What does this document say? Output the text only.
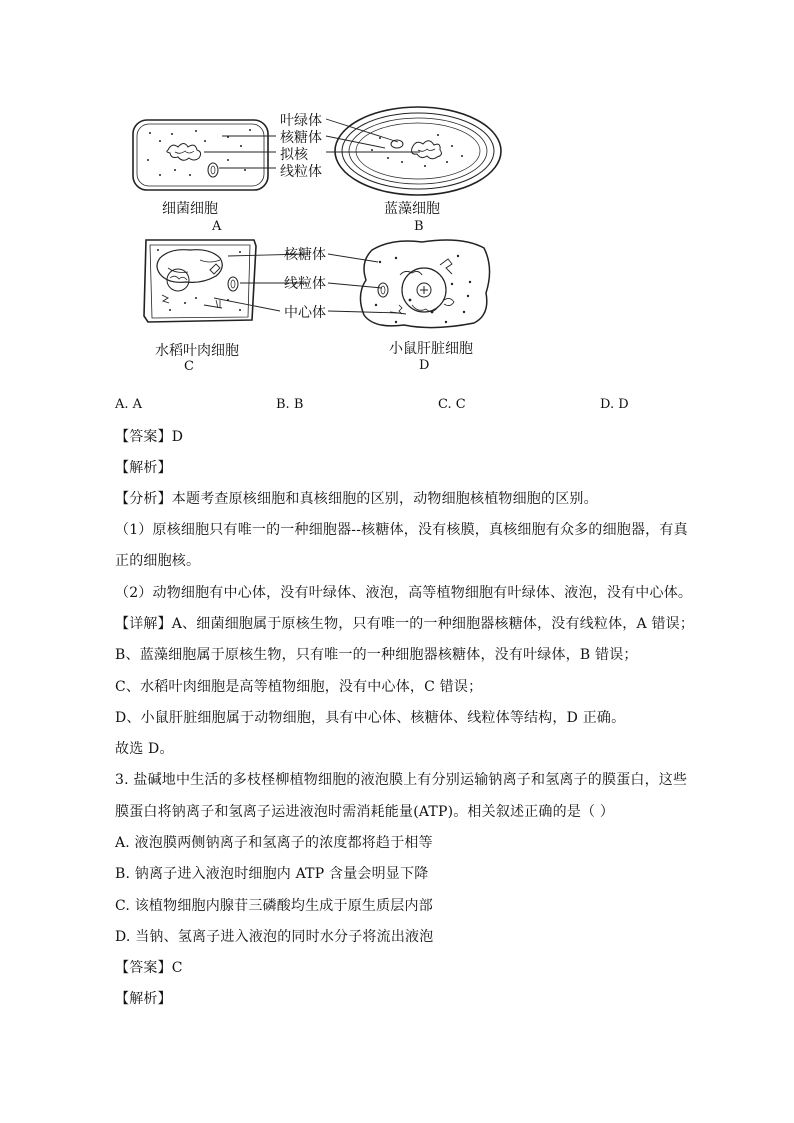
叶绿体
核糖体
拟核
线粒体
核糖体
线粒体
中心体
细菌细胞
A
蓝藻细胞
B
水稻叶肉细胞
C
小鼠肝脏细胞
D
A. A	B. B	C. C	D. D
【答案】D
【解析】
【分析】本题考查原核细胞和真核细胞的区别，动物细胞核植物细胞的区别。
（1）原核细胞只有唯一的一种细胞器--核糖体，没有核膜，真核细胞有众多的细胞器，有真
正的细胞核。
（2）动物细胞有中心体，没有叶绿体、液泡，高等植物细胞有叶绿体、液泡，没有中心体。
【详解】A、细菌细胞属于原核生物，只有唯一的一种细胞器核糖体，没有线粒体，A 错误；
B、蓝藻细胞属于原核生物，只有唯一的一种细胞器核糖体，没有叶绿体，B 错误；
C、水稻叶肉细胞是高等植物细胞，没有中心体，C 错误；
D、小鼠肝脏细胞属于动物细胞，具有中心体、核糖体、线粒体等结构，D 正确。
故选 D。
3. 盐碱地中生活的多枝柽柳植物细胞的液泡膜上有分别运输钠离子和氢离子的膜蛋白，这些
膜蛋白将钠离子和氢离子运进液泡时需消耗能量(ATP)。相关叙述正确的是（ ）
A. 液泡膜两侧钠离子和氢离子的浓度都将趋于相等
B. 钠离子进入液泡时细胞内 ATP 含量会明显下降
C. 该植物细胞内腺苷三磷酸均生成于原生质层内部
D. 当钠、氢离子进入液泡的同时水分子将流出液泡
【答案】C
【解析】
